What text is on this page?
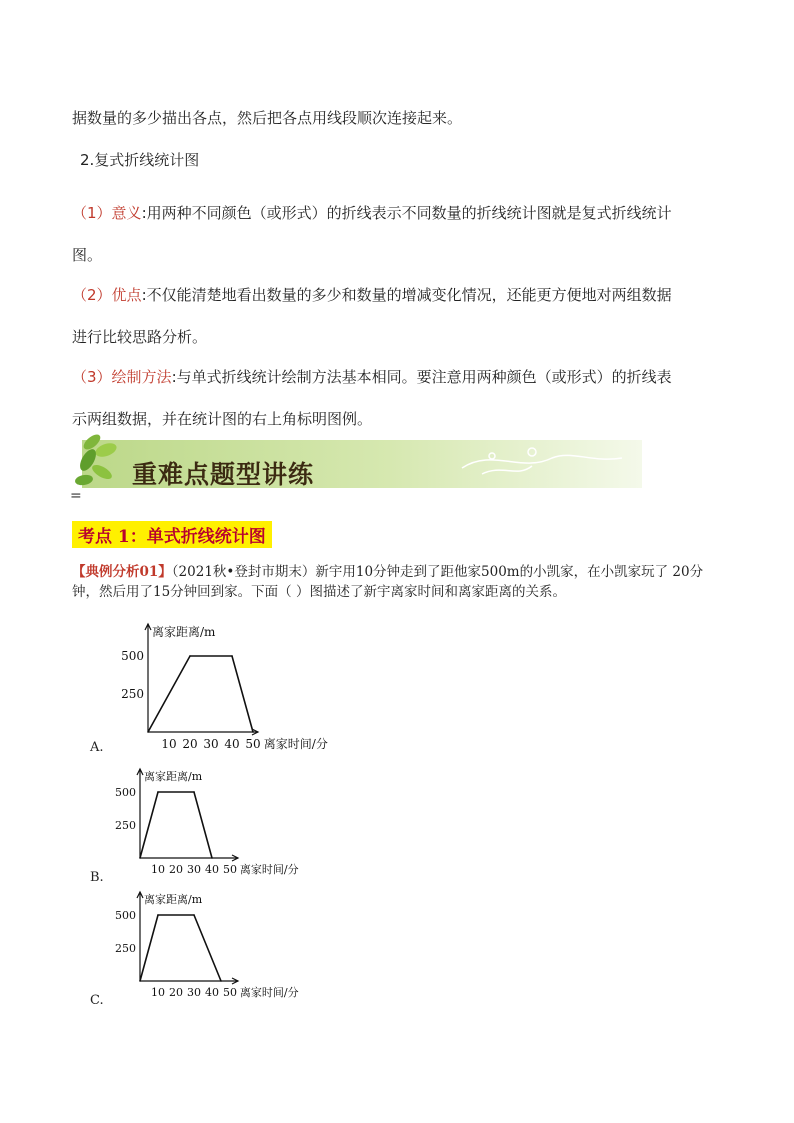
据数量的多少描出各点，然后把各点用线段顺次连接起来。
2.复式折线统计图
（1）意义:用两种不同颜色（或形式）的折线表示不同数量的折线统计图就是复式折线统计
图。
（2）优点:不仅能清楚地看出数量的多少和数量的增减变化情况，还能更方便地对两组数据
进行比较思路分析。
（3）绘制方法:与单式折线统计绘制方法基本相同。要注意用两种颜色（或形式）的折线表
示两组数据，并在统计图的右上角标明图例。
重难点题型讲练
=
考点 1：单式折线统计图
【典例分析01】（2021秋•登封市期末）新宇用10分钟走到了距他家500m的小凯家，在小凯家玩了 20分
钟，然后用了15分钟回到家。下面（ ）图描述了新宇离家时间和离家距离的关系。
离家距离/m
500
250
10 20 30 40 50 离家时间/分
A.
离家距离/m
500
250
10 20 30 40 50 离家时间/分
B.
离家距离/m
500
250
10 20 30 40 50 离家时间/分
C.
